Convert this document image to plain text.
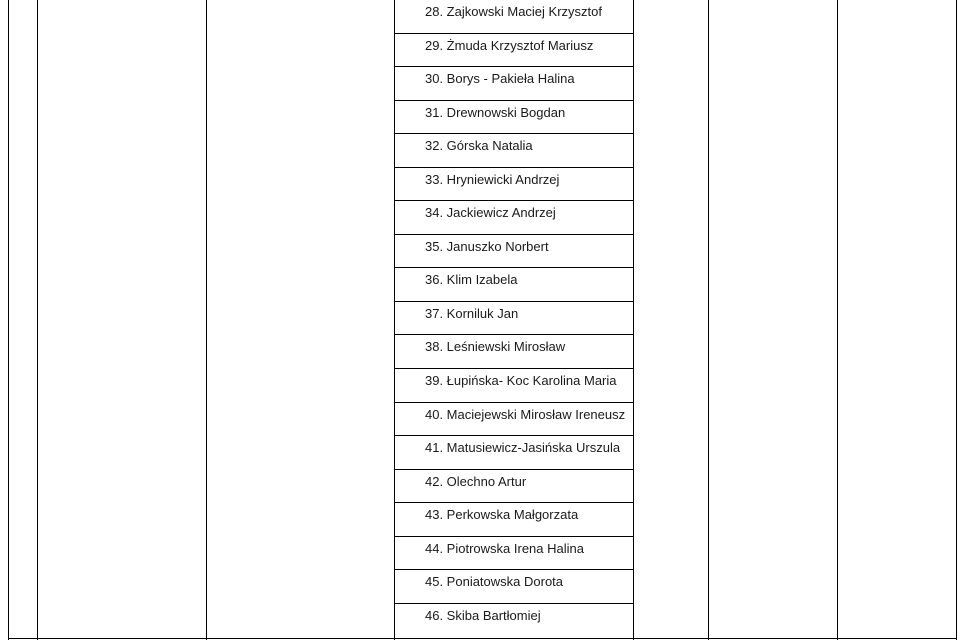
28. Zajkowski Maciej Krzysztof
29. Żmuda Krzysztof Mariusz
30. Borys - Pakieła Halina
31. Drewnowski Bogdan
32. Górska Natalia
33. Hryniewicki Andrzej
34. Jackiewicz Andrzej
35. Januszko Norbert
36. Klim Izabela
37. Korniluk Jan
38. Leśniewski Mirosław
39. Łupińska- Koc Karolina Maria
40. Maciejewski Mirosław Ireneusz
41. Matusiewicz-Jasińska Urszula
42. Olechno Artur
43. Perkowska Małgorzata
44. Piotrowska Irena Halina
45. Poniatowska Dorota
46. Skiba Bartłomiej
